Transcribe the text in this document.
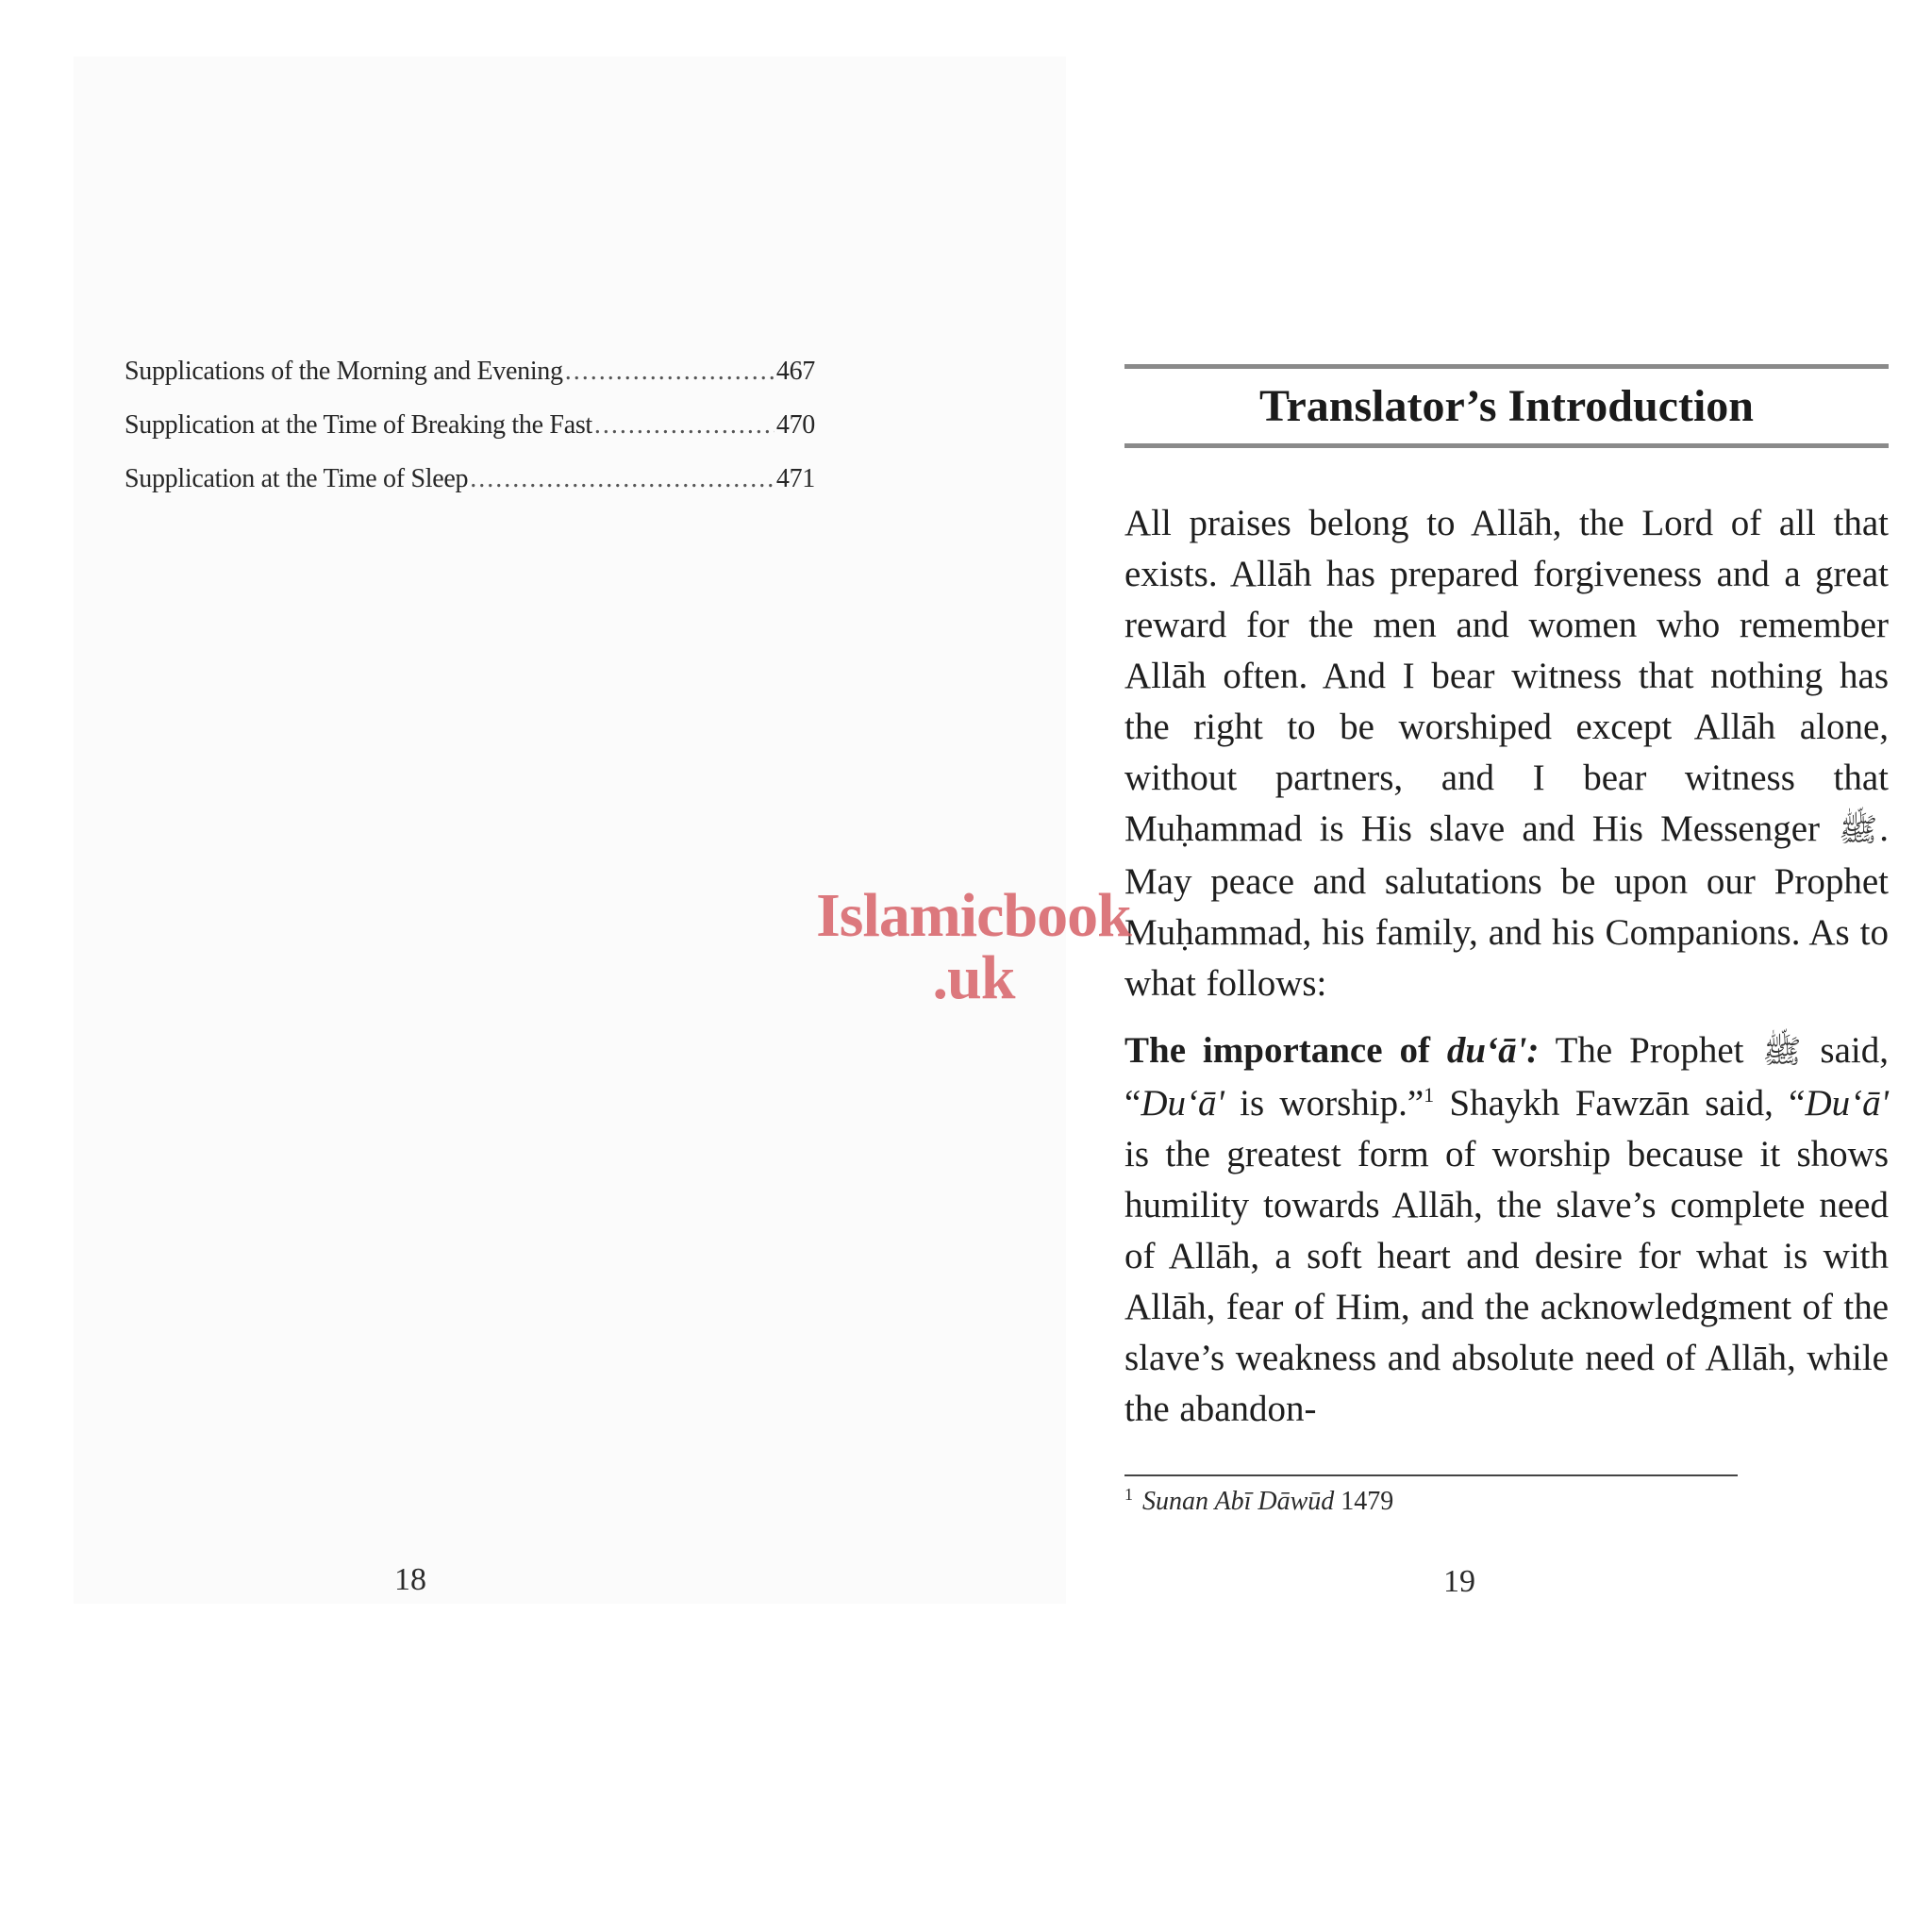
Supplications of the Morning and Evening .....	467
Supplication at the Time of Breaking the Fast .....	470
Supplication at the Time of Sleep .....	471
18
Translator’s Introduction

All praises belong to Allāh, the Lord of all that exists. Allāh has prepared forgiveness and a great reward for the men and women who remember Allāh often. And I bear witness that nothing has the right to be worshiped except Allāh alone, without partners, and I bear witness that Muḥammad is His slave and His Messenger ﷺ. May peace and salutations be upon our Prophet Muḥammad, his family, and his Companions. As to what follows:

The importance of du‘ā': The Prophet ﷺ said, “Du‘ā' is worship.”$^1$ Shaykh Fawzān said, “Du‘ā' is the greatest form of worship because it shows humility towards Allāh, the slave’s complete need of Allāh, a soft heart and desire for what is with Allāh, fear of Him, and the acknowledgment of the slave’s weakness and absolute need of Allāh, while the abandon-

$^1$ Sunan Abī Dāwūd 1479

19
Islamicbook
.uk
